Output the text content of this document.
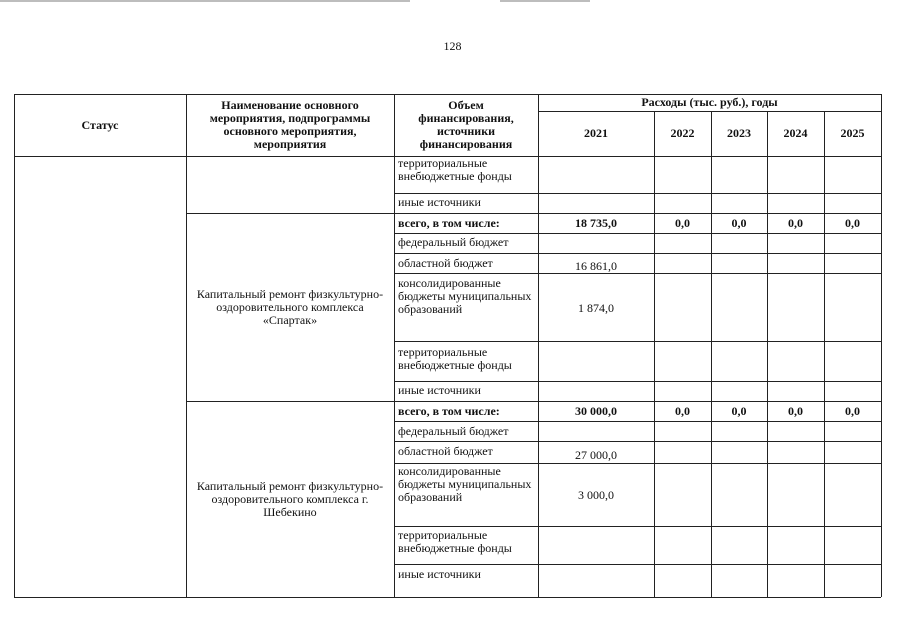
128
Статус
Наименование основного мероприятия, подпрограммы основного мероприятия, мероприятия
Объем финансирования, источники финансирования
Расходы (тыс. руб.), годы
2021	2022	2023	2024	2025
территориальные внебюджетные фонды
иные источники
Капитальный ремонт физкультурно-оздоровительного комплекса «Спартак»
всего, в том числе:	18 735,0	0,0	0,0	0,0	0,0
федеральный бюджет
областной бюджет	16 861,0
консолидированные бюджеты муниципальных образований	1 874,0
территориальные внебюджетные фонды
иные источники
Капитальный ремонт физкультурно-оздоровительного комплекса г. Шебекино
всего, в том числе:	30 000,0	0,0	0,0	0,0	0,0
федеральный бюджет
областной бюджет	27 000,0
консолидированные бюджеты муниципальных образований	3 000,0
территориальные внебюджетные фонды
иные источники
